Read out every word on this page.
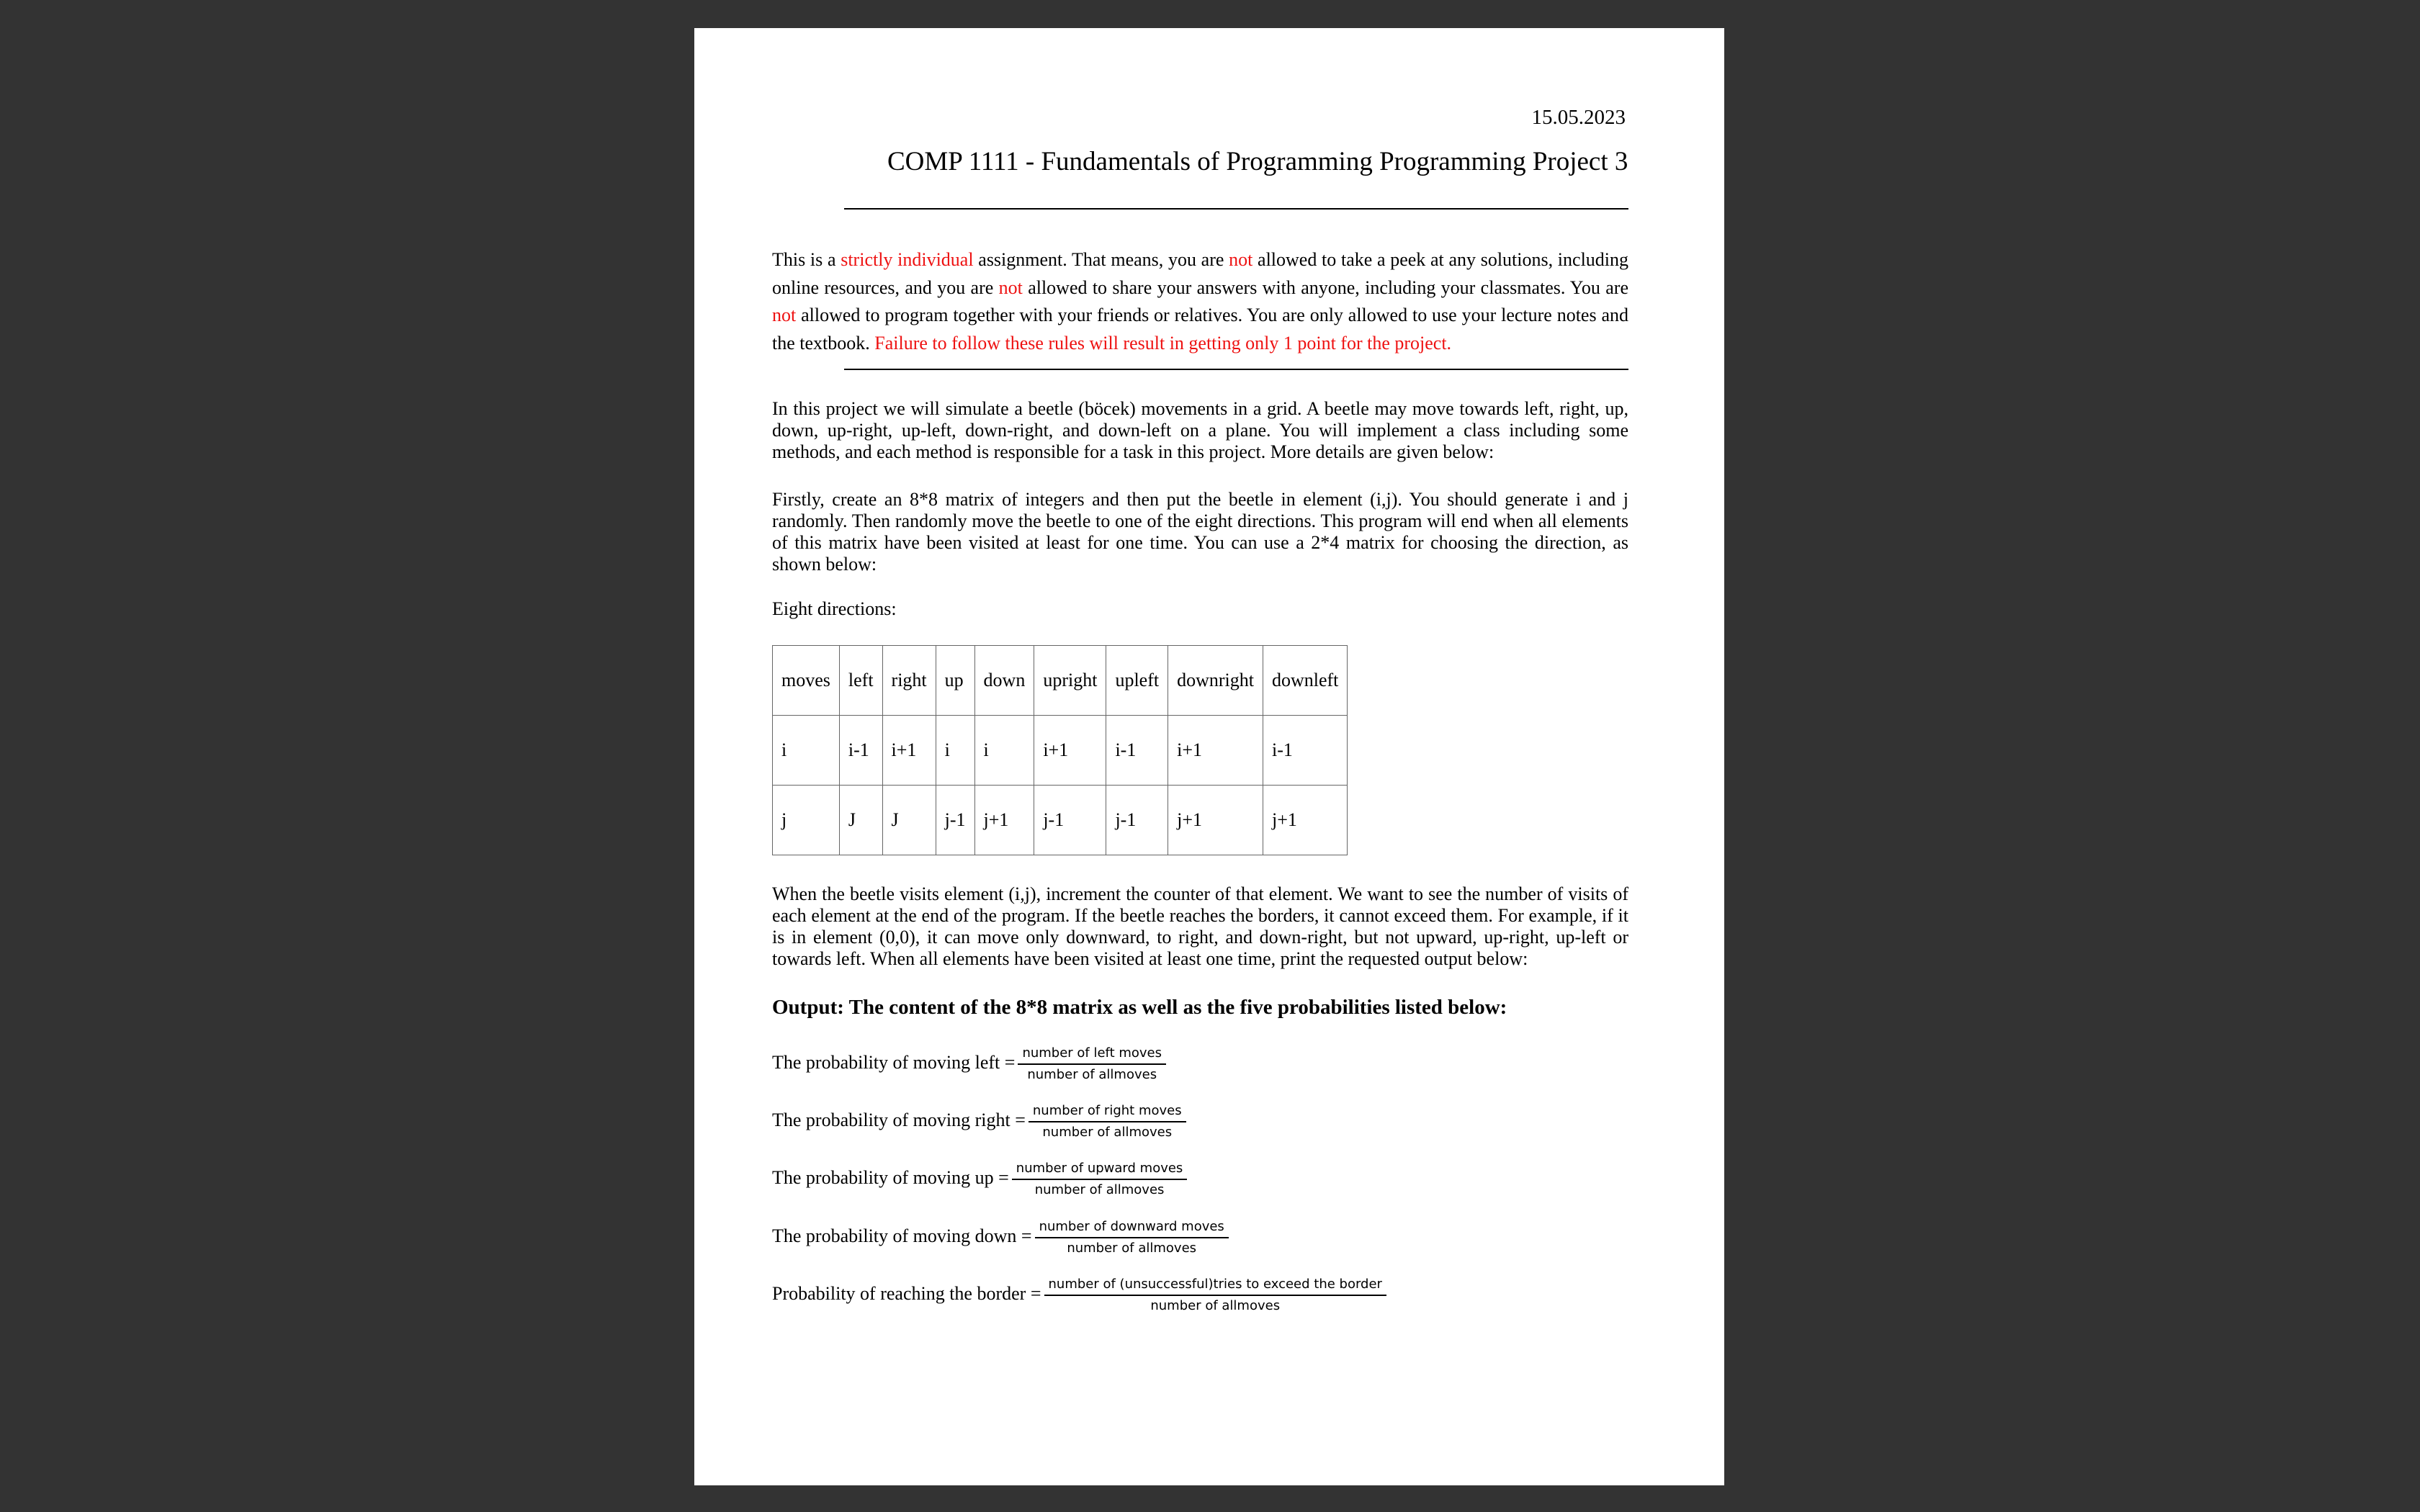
15.05.2023
COMP 1111 - Fundamentals of Programming Programming Project 3
This is a strictly individual assignment. That means, you are not allowed to take a peek at any solutions, including online resources, and you are not allowed to share your answers with anyone, including your classmates. You are not allowed to program together with your friends or relatives. You are only allowed to use your lecture notes and the textbook. Failure to follow these rules will result in getting only 1 point for the project.
In this project we will simulate a beetle (böcek) movements in a grid. A beetle may move towards left, right, up, down, up-right, up-left, down-right, and down-left on a plane. You will implement a class including some methods, and each method is responsible for a task in this project. More details are given below:
Firstly, create an 8*8 matrix of integers and then put the beetle in element (i,j). You should generate i and j randomly. Then randomly move the beetle to one of the eight directions. This program will end when all elements of this matrix have been visited at least for one time. You can use a 2*4 matrix for choosing the direction, as shown below:
Eight directions:
moves	left	right	up	down	upright	upleft	downright	downleft
i	i-1	i+1	i	i	i+1	i-1	i+1	i-1
j	J	J	j-1	j+1	j-1	j-1	j+1	j+1
When the beetle visits element (i,j), increment the counter of that element. We want to see the number of visits of each element at the end of the program. If the beetle reaches the borders, it cannot exceed them. For example, if it is in element (0,0), it can move only downward, to right, and down-right, but not upward, up-right, up-left or towards left. When all elements have been visited at least one time, print the requested output below:
Output: The content of the 8*8 matrix as well as the five probabilities listed below:
The probability of moving left = $\frac{\text{number of left moves}}{\text{number of allmoves}}$
The probability of moving right = $\frac{\text{number of right moves}}{\text{number of allmoves}}$
The probability of moving up = $\frac{\text{number of upward moves}}{\text{number of allmoves}}$
The probability of moving down = $\frac{\text{number of downward moves}}{\text{number of allmoves}}$
Probability of reaching the border = $\frac{\text{number of (unsuccessful)tries to exceed the border}}{\text{number of allmoves}}$
